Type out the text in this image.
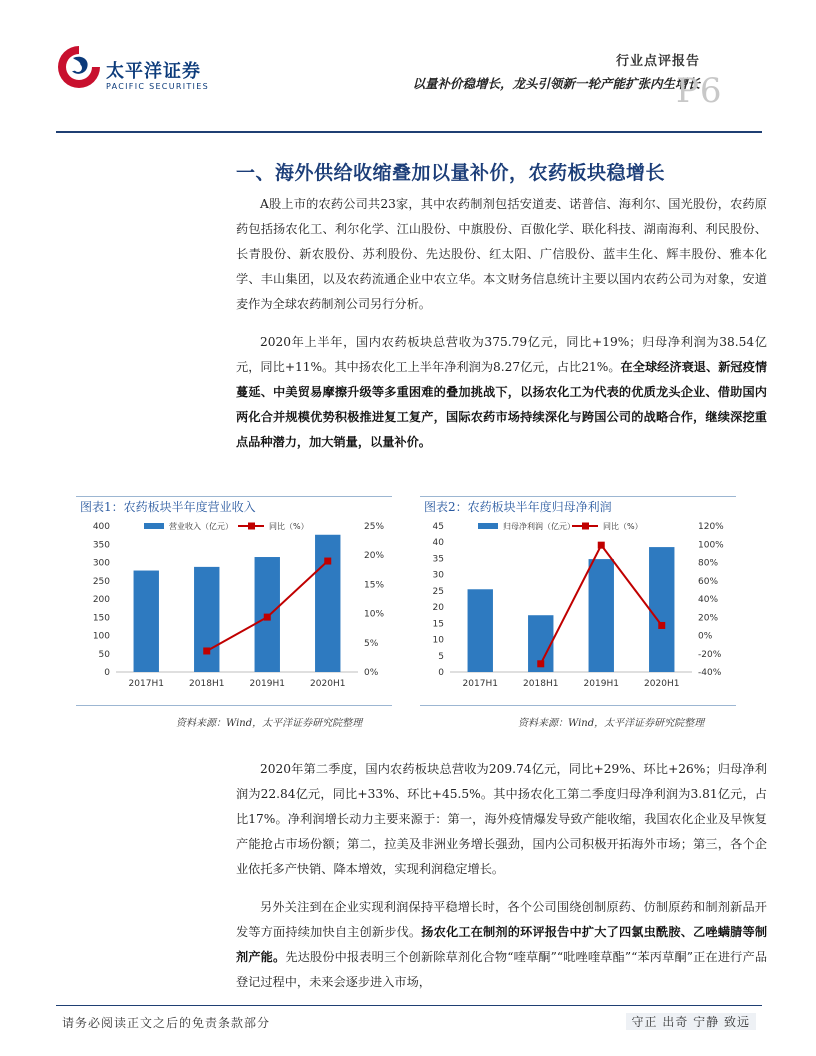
太平洋证券
PACIFIC SECURITIES
行业点评报告
以量补价稳增长，龙头引领新一轮产能扩张内生增长
P6
一、海外供给收缩叠加以量补价，农药板块稳增长
A股上市的农药公司共23家，其中农药制剂包括安道麦、诺普信、海利尔、国光股份，农药原药包括扬农化工、利尔化学、江山股份、中旗股份、百傲化学、联化科技、湖南海利、利民股份、长青股份、新农股份、苏利股份、先达股份、红太阳、广信股份、蓝丰生化、辉丰股份、雅本化学、丰山集团，以及农药流通企业中农立华。本文财务信息统计主要以国内农药公司为对象，安道麦作为全球农药制剂公司另行分析。
2020年上半年，国内农药板块总营收为375.79亿元，同比+19%；归母净利润为38.54亿元，同比+11%。其中扬农化工上半年净利润为8.27亿元，占比21%。在全球经济衰退、新冠疫情蔓延、中美贸易摩擦升级等多重困难的叠加挑战下，以扬农化工为代表的优质龙头企业、借助国内两化合并规模优势积极推进复工复产，国际农药市场持续深化与跨国公司的战略合作，继续深挖重点品种潜力，加大销量，以量补价。
图表1：农药板块半年度营业收入
0
50
100
150
200
250
300
350
400
0%
5%
10%
15%
20%
25%
2017H1	2018H1	2019H1	2020H1
营业收入（亿元）	同比（%）
资料来源：Wind，太平洋证券研究院整理
图表2：农药板块半年度归母净利润
0
5
10
15
20
25
30
35
40
45
-40%
-20%
0%
20%
40%
60%
80%
100%
120%
2017H1	2018H1	2019H1	2020H1
归母净利润（亿元）	同比（%）
资料来源：Wind，太平洋证券研究院整理
2020年第二季度，国内农药板块总营收为209.74亿元，同比+29%、环比+26%；归母净利润为22.84亿元，同比+33%、环比+45.5%。其中扬农化工第二季度归母净利润为3.81亿元，占比17%。净利润增长动力主要来源于：第一，海外疫情爆发导致产能收缩，我国农化企业及早恢复产能抢占市场份额；第二，拉美及非洲业务增长强劲，国内公司积极开拓海外市场；第三，各个企业依托多产快销、降本增效，实现利润稳定增长。
另外关注到在企业实现利润保持平稳增长时，各个公司围绕创制原药、仿制原药和制剂新品开发等方面持续加快自主创新步伐。扬农化工在制剂的环评报告中扩大了四氯虫酰胺、乙唑螨腈等制剂产能。先达股份中报表明三个创新除草剂化合物“喹草酮”“吡唑喹草酯”“苯丙草酮”正在进行产品登记过程中，未来会逐步进入市场，
请务必阅读正文之后的免责条款部分	守正 出奇 宁静 致远
